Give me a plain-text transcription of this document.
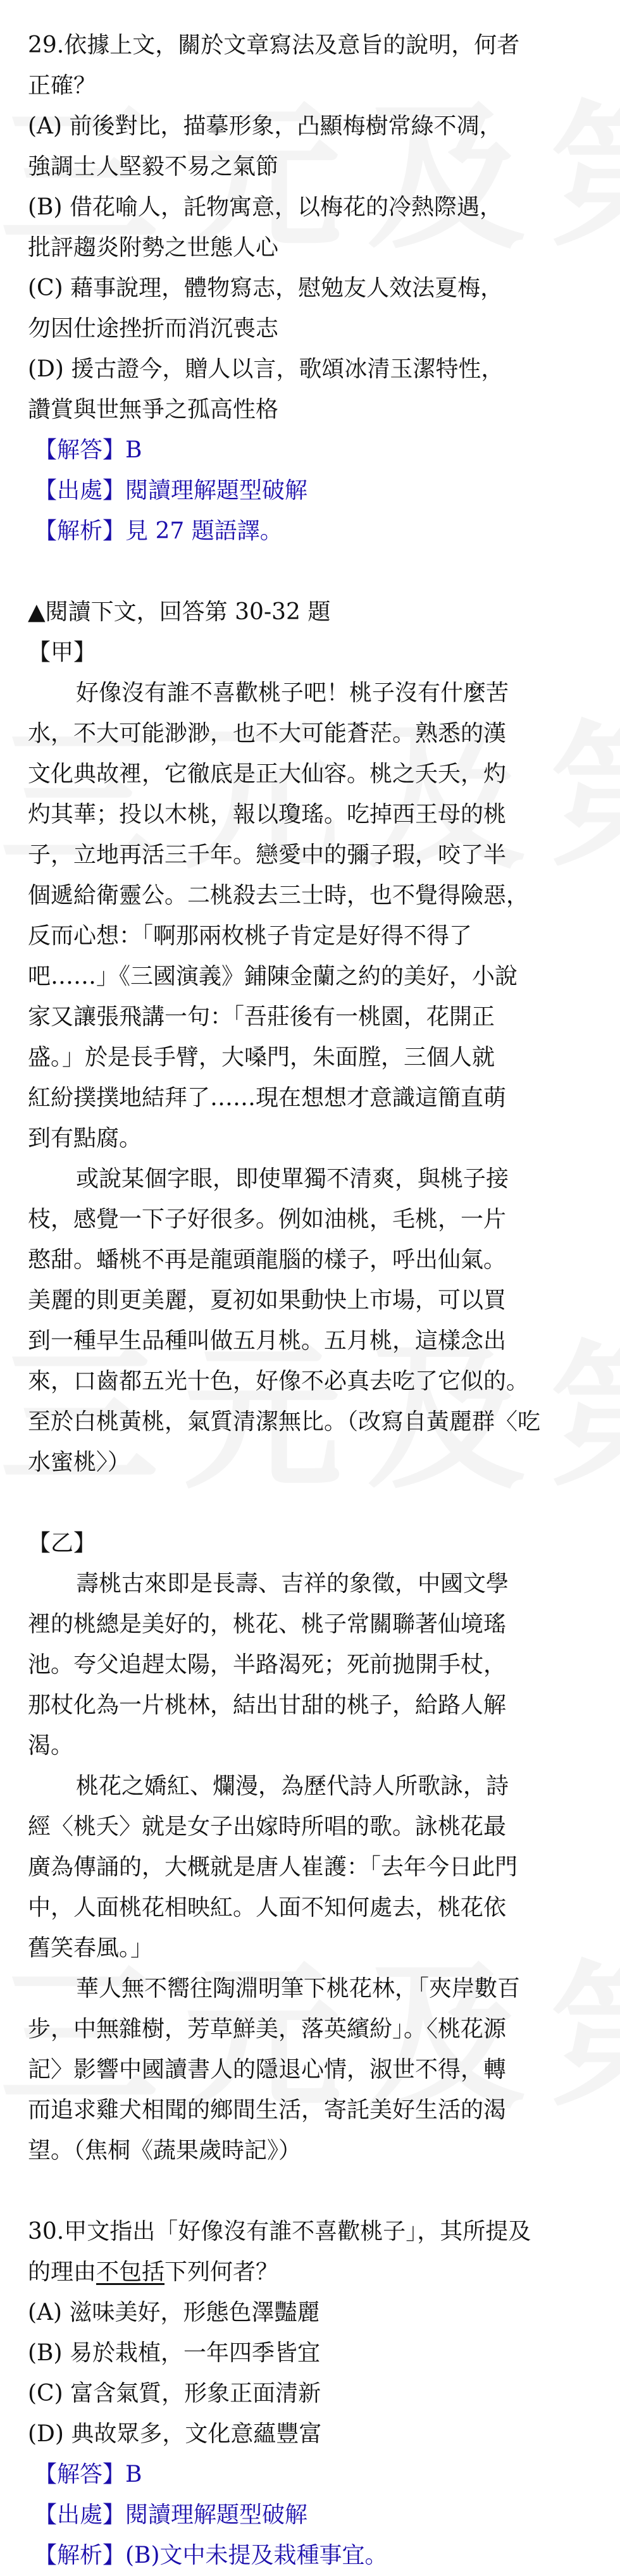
29.依據上文，關於文章寫法及意旨的說明，何者

正確？

(A) 前後對比，描摹形象，凸顯梅樹常綠不凋，

強調士人堅毅不易之氣節

(B) 借花喻人，託物寓意，以梅花的冷熱際遇，

批評趨炎附勢之世態人心

(C) 藉事說理，體物寫志，慰勉友人效法夏梅，

勿因仕途挫折而消沉喪志

(D) 援古證今，贈人以言，歌頌冰清玉潔特性，

讚賞與世無爭之孤高性格

【解答】B

【出處】閱讀理解題型破解

【解析】見 27 題語譯。

▲閱讀下文，回答第 30-32 題

【甲】

好像沒有誰不喜歡桃子吧！桃子沒有什麼苦

水，不大可能渺渺，也不大可能蒼茫。熟悉的漢

文化典故裡，它徹底是正大仙容。桃之夭夭，灼

灼其華；投以木桃，報以瓊瑤。吃掉西王母的桃

子，立地再活三千年。戀愛中的彌子瑕，咬了半

個遞給衛靈公。二桃殺去三士時，也不覺得險惡，

反而心想：「啊那兩枚桃子肯定是好得不得了

吧……」《三國演義》鋪陳金蘭之約的美好，小說

家又讓張飛講一句：「吾莊後有一桃園，花開正

盛。」於是長手臂，大嗓門，朱面膛，三個人就

紅紛撲撲地結拜了……現在想想才意識這簡直萌

到有點腐。

或說某個字眼，即使單獨不清爽，與桃子接

枝，感覺一下子好很多。例如油桃，毛桃，一片

憨甜。蟠桃不再是龍頭龍腦的樣子，呼出仙氣。

美麗的則更美麗，夏初如果動快上市場，可以買

到一種早生品種叫做五月桃。五月桃，這樣念出

來，口齒都五光十色，好像不必真去吃了它似的。

至於白桃黃桃，氣質清潔無比。（改寫自黃麗群〈吃

水蜜桃〉）

【乙】

壽桃古來即是長壽、吉祥的象徵，中國文學

裡的桃總是美好的，桃花、桃子常關聯著仙境瑤

池。夸父追趕太陽，半路渴死；死前拋開手杖，

那杖化為一片桃林，結出甘甜的桃子，給路人解

渴。

桃花之嬌紅、爛漫，為歷代詩人所歌詠，詩

經〈桃夭〉就是女子出嫁時所唱的歌。詠桃花最

廣為傳誦的，大概就是唐人崔護：「去年今日此門

中，人面桃花相映紅。人面不知何處去，桃花依

舊笑春風。」

華人無不嚮往陶淵明筆下桃花林，「夾岸數百

步，中無雜樹，芳草鮮美，落英繽紛」。〈桃花源

記〉影響中國讀書人的隱退心情，淑世不得，轉

而追求雞犬相聞的鄉間生活，寄託美好生活的渴

望。（焦桐《蔬果歲時記》）

30.甲文指出「好像沒有誰不喜歡桃子」，其所提及

的理由不包括下列何者？

(A) 滋味美好，形態色澤豔麗

(B) 易於栽植，一年四季皆宜

(C) 富含氣質，形象正面清新

(D) 典故眾多，文化意蘊豐富

【解答】B

【出處】閱讀理解題型破解

【解析】(B)文中未提及栽種事宜。
